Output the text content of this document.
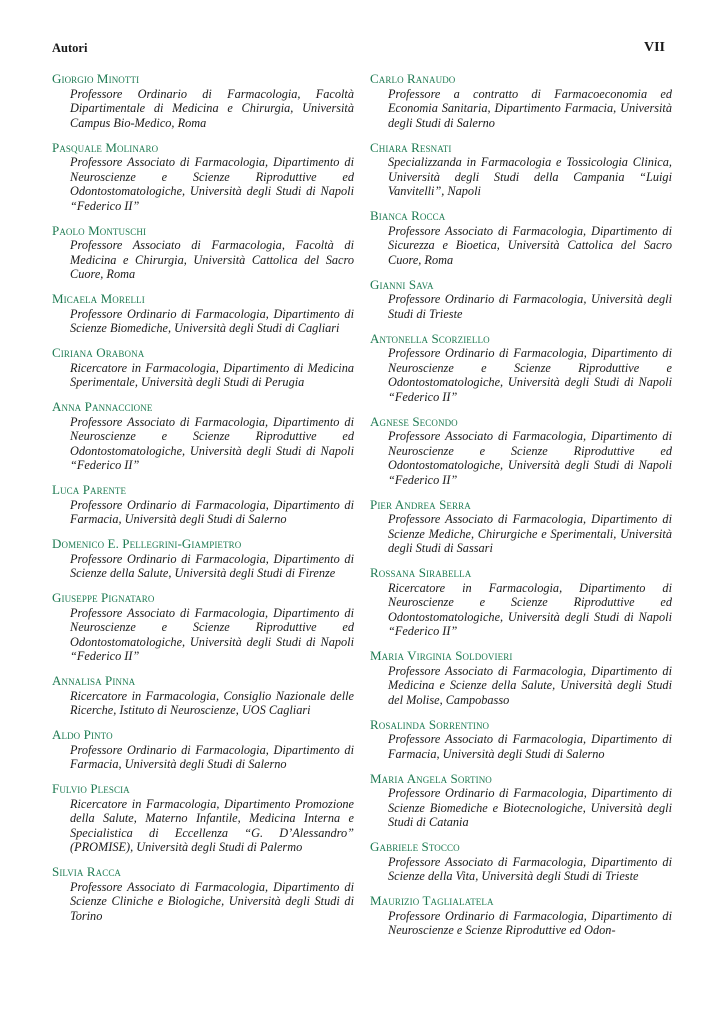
Autori	VII
Giorgio Minotti
Professore Ordinario di Farmacologia, Facoltà Dipartimentale di Medicina e Chirurgia, Università Campus Bio-Medico, Roma
Pasquale Molinaro
Professore Associato di Farmacologia, Dipartimento di Neuroscienze e Scienze Riproduttive ed Odontostomatologiche, Università degli Studi di Napoli “Federico II”
Paolo Montuschi
Professore Associato di Farmacologia, Facoltà di Medicina e Chirurgia, Università Cattolica del Sacro Cuore, Roma
Micaela Morelli
Professore Ordinario di Farmacologia, Dipartimento di Scienze Biomediche, Università degli Studi di Cagliari
Ciriana Orabona
Ricercatore in Farmacologia, Dipartimento di Medicina Sperimentale, Università degli Studi di Perugia
Anna Pannaccione
Professore Associato di Farmacologia, Dipartimento di Neuroscienze e Scienze Riproduttive ed Odontostomatologiche, Università degli Studi di Napoli “Federico II”
Luca Parente
Professore Ordinario di Farmacologia, Dipartimento di Farmacia, Università degli Studi di Salerno
Domenico E. Pellegrini-Giampietro
Professore Ordinario di Farmacologia, Dipartimento di Scienze della Salute, Università degli Studi di Firenze
Giuseppe Pignataro
Professore Associato di Farmacologia, Dipartimento di Neuroscienze e Scienze Riproduttive ed Odontostomatologiche, Università degli Studi di Napoli “Federico II”
Annalisa Pinna
Ricercatore in Farmacologia, Consiglio Nazionale delle Ricerche, Istituto di Neuroscienze, UOS Cagliari
Aldo Pinto
Professore Ordinario di Farmacologia, Dipartimento di Farmacia, Università degli Studi di Salerno
Fulvio Plescia
Ricercatore in Farmacologia, Dipartimento Promozione della Salute, Materno Infantile, Medicina Interna e Specialistica di Eccellenza “G. D’Alessandro” (PROMISE), Università degli Studi di Palermo
Silvia Racca
Professore Associato di Farmacologia, Dipartimento di Scienze Cliniche e Biologiche, Università degli Studi di Torino
Carlo Ranaudo
Professore a contratto di Farmacoeconomia ed Economia Sanitaria, Dipartimento Farmacia, Università degli Studi di Salerno
Chiara Resnati
Specializzanda in Farmacologia e Tossicologia Clinica, Università degli Studi della Campania “Luigi Vanvitelli”, Napoli
Bianca Rocca
Professore Associato di Farmacologia, Dipartimento di Sicurezza e Bioetica, Università Cattolica del Sacro Cuore, Roma
Gianni Sava
Professore Ordinario di Farmacologia, Università degli Studi di Trieste
Antonella Scorziello
Professore Ordinario di Farmacologia, Dipartimento di Neuroscienze e Scienze Riproduttive e Odontostomatologiche, Università degli Studi di Napoli “Federico II”
Agnese Secondo
Professore Associato di Farmacologia, Dipartimento di Neuroscienze e Scienze Riproduttive ed Odontostomatologiche, Università degli Studi di Napoli “Federico II”
Pier Andrea Serra
Professore Associato di Farmacologia, Dipartimento di Scienze Mediche, Chirurgiche e Sperimentali, Università degli Studi di Sassari
Rossana Sirabella
Ricercatore in Farmacologia, Dipartimento di Neuroscienze e Scienze Riproduttive ed Odontostomatologiche, Università degli Studi di Napoli “Federico II”
Maria Virginia Soldovieri
Professore Associato di Farmacologia, Dipartimento di Medicina e Scienze della Salute, Università degli Studi del Molise, Campobasso
Rosalinda Sorrentino
Professore Associato di Farmacologia, Dipartimento di Farmacia, Università degli Studi di Salerno
Maria Angela Sortino
Professore Ordinario di Farmacologia, Dipartimento di Scienze Biomediche e Biotecnologiche, Università degli Studi di Catania
Gabriele Stocco
Professore Associato di Farmacologia, Dipartimento di Scienze della Vita, Università degli Studi di Trieste
Maurizio Taglialatela
Professore Ordinario di Farmacologia, Dipartimento di Neuroscienze e Scienze Riproduttive ed Odon-
